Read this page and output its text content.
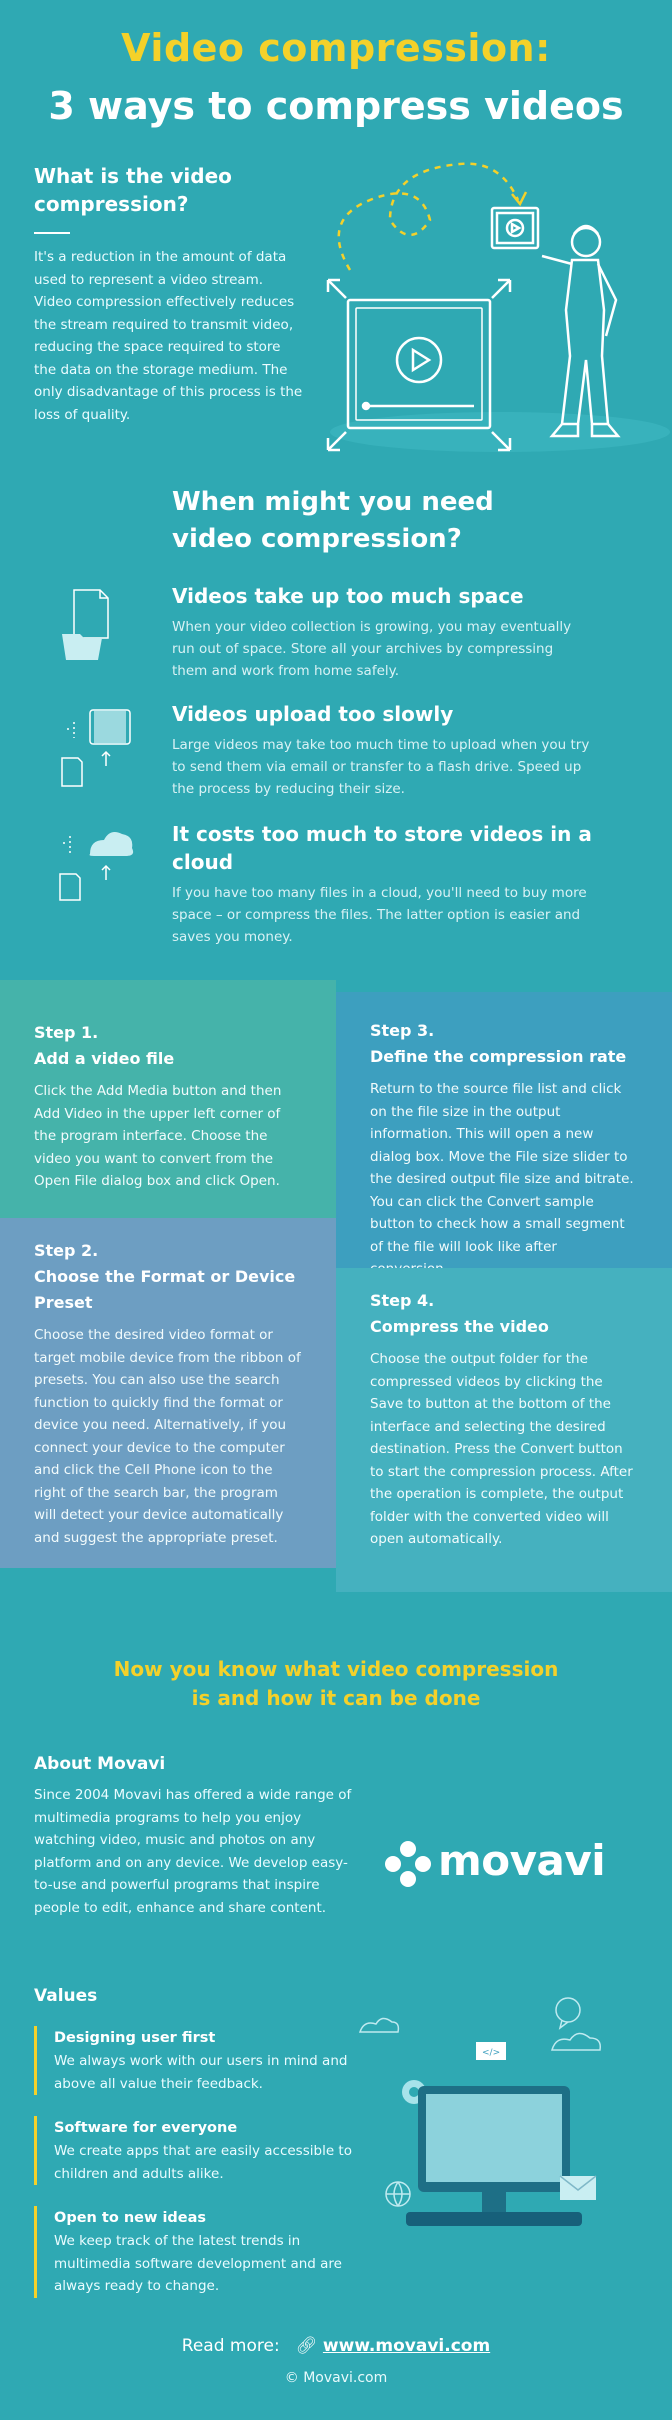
Video compression:
3 ways to compress videos
What is the video compression?
It's a reduction in the amount of data used to represent a video stream. Video compression effectively reduces the stream required to transmit video, reducing the space required to store the data on the storage medium. The only disadvantage of this process is the loss of quality.
When might you need video compression?
Videos take up too much space
When your video collection is growing, you may eventually run out of space. Store all your archives by compressing them and work from home safely.
Videos upload too slowly
Large videos may take too much time to upload when you try to send them via email or transfer to a flash drive. Speed up the process by reducing their size.
It costs too much to store videos in a cloud
If you have too many files in a cloud, you'll need to buy more space – or compress the files. The latter option is easier and saves you money.
Step 1.
Add a video file
Click the Add Media button and then Add Video in the upper left corner of the program interface. Choose the video you want to convert from the Open File dialog box and click Open.
Step 2.
Choose the Format or Device Preset
Choose the desired video format or target mobile device from the ribbon of presets. You can also use the search function to quickly find the format or device you need. Alternatively, if you connect your device to the computer and click the Cell Phone icon to the right of the search bar, the program will detect your device automatically and suggest the appropriate preset.
Step 3.
Define the compression rate
Return to the source file list and click on the file size in the output information. This will open a new dialog box. Move the File size slider to the desired output file size and bitrate. You can click the Convert sample button to check how a small segment of the file will look like after
Step 4.
Compress the video
Choose the output folder for the compressed videos by clicking the Save to button at the bottom of the interface and selecting the desired destination. Press the Convert button to start the compression process. After the operation is complete, the output folder with the converted video will open automatically.
Now you know what video compression
is and how it can be done
About Movavi
Since 2004 Movavi has offered a wide range of multimedia programs to help you enjoy watching video, music and photos on any platform and on any device. We develop easy-to-use and powerful programs that inspire people to edit, enhance and share content.
movavi
Values
Designing user first
We always work with our users in mind and above all value their feedback.
Software for everyone
We create apps that are easily accessible to children and adults alike.
Open to new ideas
We keep track of the latest trends in multimedia software development and are always ready to change.
</>
Read more: 🔗︎ www.movavi.com
© Movavi.com
